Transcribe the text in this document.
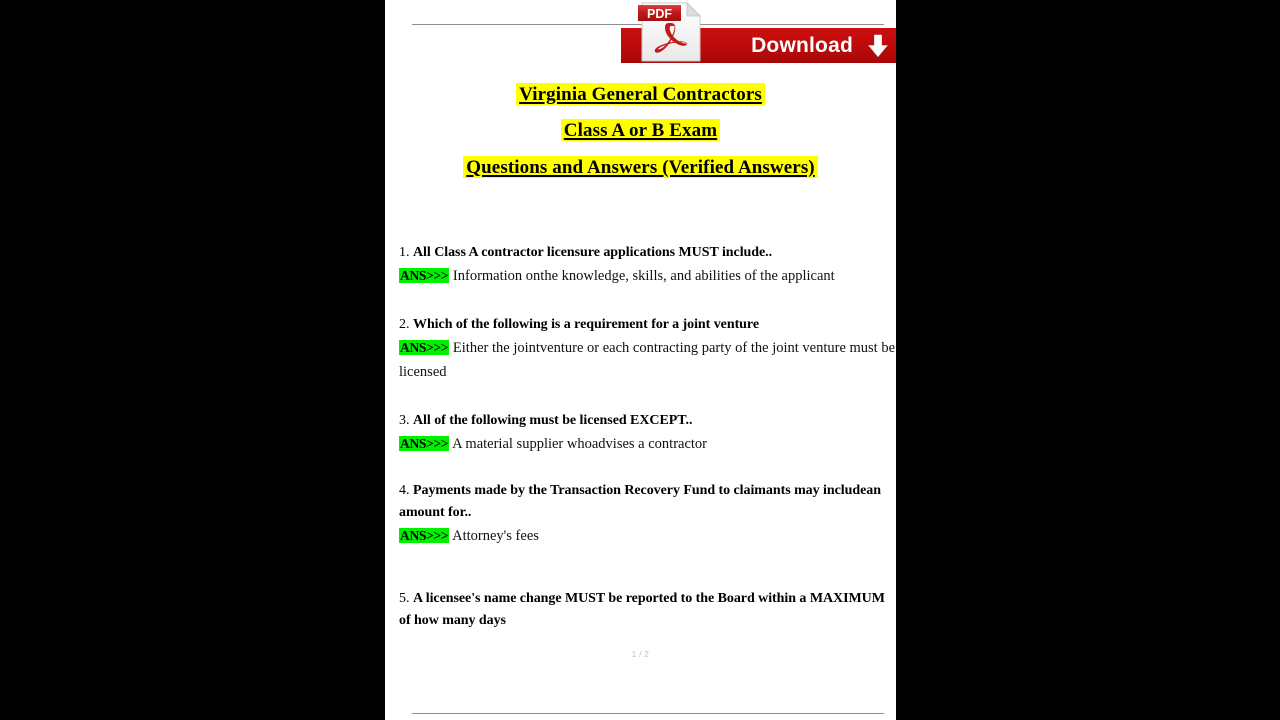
Download
PDF
Virginia General Contractors
Class A or B Exam
Questions and Answers (Verified Answers)

1. All Class A contractor licensure applications MUST include..

ANS>>> Information onthe knowledge, skills, and abilities of the applicant

2. Which of the following is a requirement for a joint venture

ANS>>> Either the jointventure or each contracting party of the joint venture must be licensed

3. All of the following must be licensed EXCEPT..

ANS>>> A material supplier whoadvises a contractor

4. Payments made by the Transaction Recovery Fund to claimants may includean amount for..

ANS>>> Attorney's fees

5. A licensee's name change MUST be reported to the Board within a MAXIMUM of how many days

1 / 2
